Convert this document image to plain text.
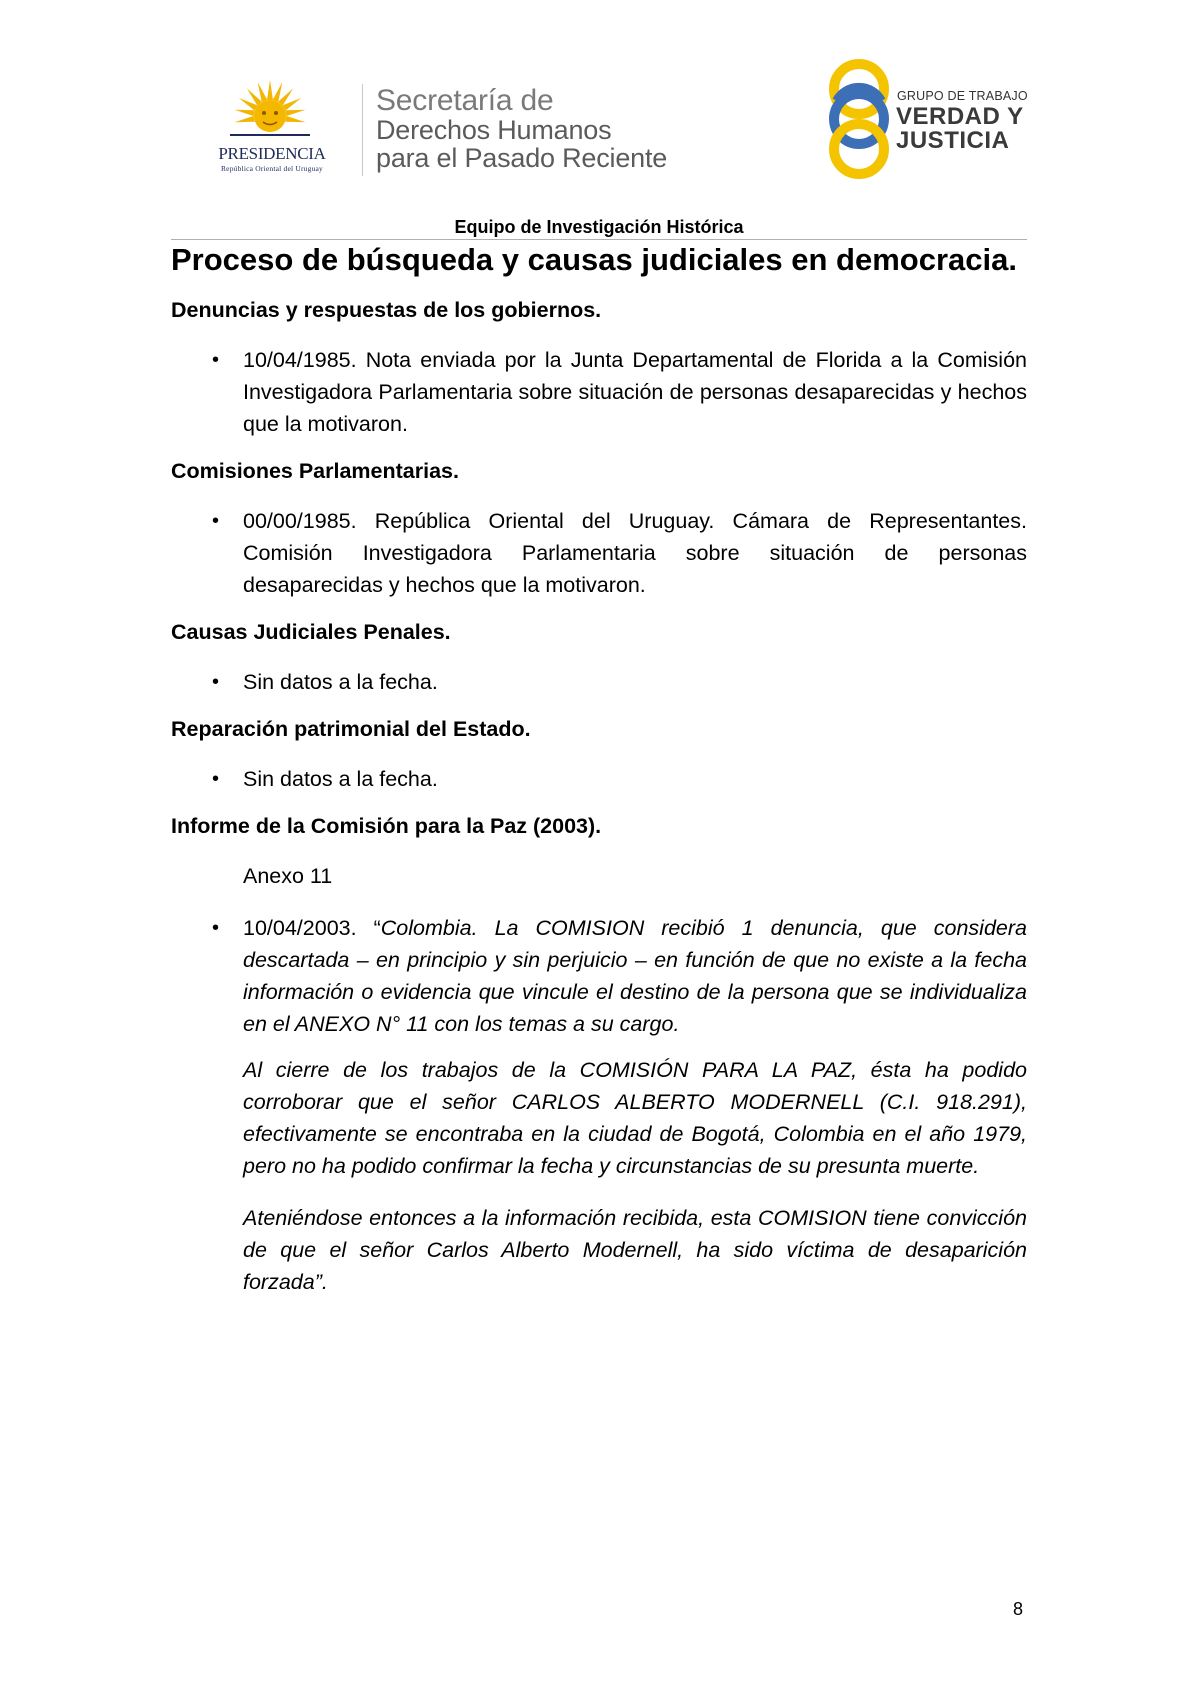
PRESIDENCIA
República Oriental del Uruguay
Secretaría de
Derechos Humanos
para el Pasado Reciente
GRUPO DE TRABAJO
VERDAD Y
JUSTICIA
Equipo de Investigación Histórica
Proceso de búsqueda y causas judiciales en democracia.
Denuncias y respuestas de los gobiernos.
• 10/04/1985. Nota enviada por la Junta Departamental de Florida a la Comisión Investigadora Parlamentaria sobre situación de personas desaparecidas y hechos que la motivaron.
Comisiones Parlamentarias.
• 00/00/1985. República Oriental del Uruguay. Cámara de Representantes. Comisión Investigadora Parlamentaria sobre situación de personas desaparecidas y hechos que la motivaron.
Causas Judiciales Penales.
• Sin datos a la fecha.
Reparación patrimonial del Estado.
• Sin datos a la fecha.
Informe de la Comisión para la Paz (2003).
Anexo 11
• 10/04/2003. “Colombia. La COMISION recibió 1 denuncia, que considera descartada – en principio y sin perjuicio – en función de que no existe a la fecha información o evidencia que vincule el destino de la persona que se individualiza en el ANEXO N° 11 con los temas a su cargo.
Al cierre de los trabajos de la COMISIÓN PARA LA PAZ, ésta ha podido corroborar que el señor CARLOS ALBERTO MODERNELL (C.I. 918.291), efectivamente se encontraba en la ciudad de Bogotá, Colombia en el año 1979, pero no ha podido confirmar la fecha y circunstancias de su presunta muerte.
Ateniéndose entonces a la información recibida, esta COMISION tiene convicción de que el señor Carlos Alberto Modernell, ha sido víctima de desaparición forzada”.
8
